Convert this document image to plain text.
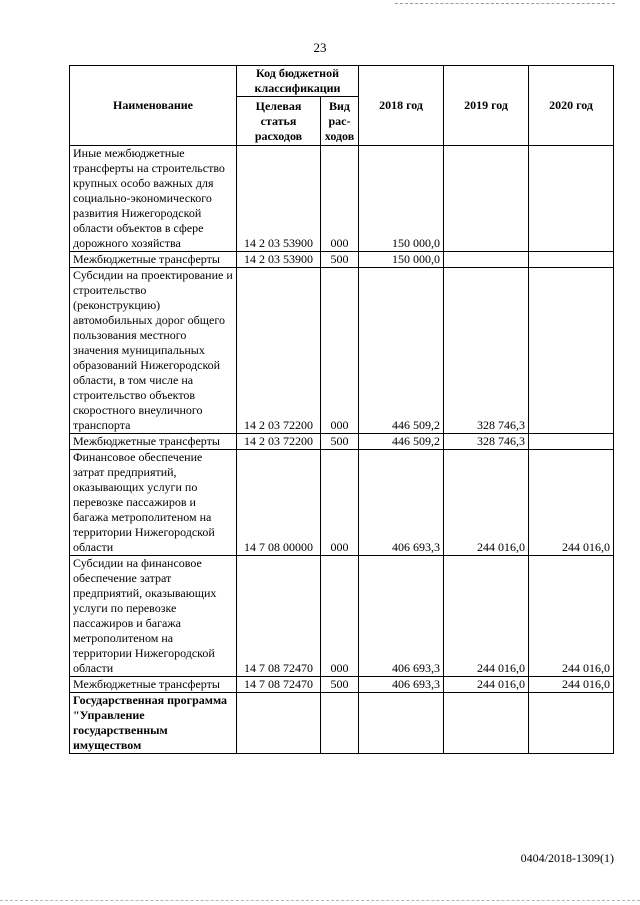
23
Наименование	Код бюджетной классификации		2018 год	2019 год	2020 год
	Целевая статья расходов	Вид рас-ходов			
Иные межбюджетные трансферты на строительство крупных особо важных для социально-экономического развития Нижегородской области объектов в сфере дорожного хозяйства	14 2 03 53900	000	150 000,0		
Межбюджетные трансферты	14 2 03 53900	500	150 000,0		
Субсидии на проектирование и строительство (реконструкцию) автомобильных дорог общего пользования местного значения муниципальных образований Нижегородской области, в том числе на строительство объектов скоростного внеуличного транспорта	14 2 03 72200	000	446 509,2	328 746,3	
Межбюджетные трансферты	14 2 03 72200	500	446 509,2	328 746,3	
Финансовое обеспечение затрат предприятий, оказывающих услуги по перевозке пассажиров и багажа метрополитеном на территории Нижегородской области	14 7 08 00000	000	406 693,3	244 016,0	244 016,0
Субсидии на финансовое обеспечение затрат предприятий, оказывающих услуги по перевозке пассажиров и багажа метрополитеном на территории Нижегородской области	14 7 08 72470	000	406 693,3	244 016,0	244 016,0
Межбюджетные трансферты	14 7 08 72470	500	406 693,3	244 016,0	244 016,0
Государственная программа "Управление государственным имуществом					
0404/2018-1309(1)
